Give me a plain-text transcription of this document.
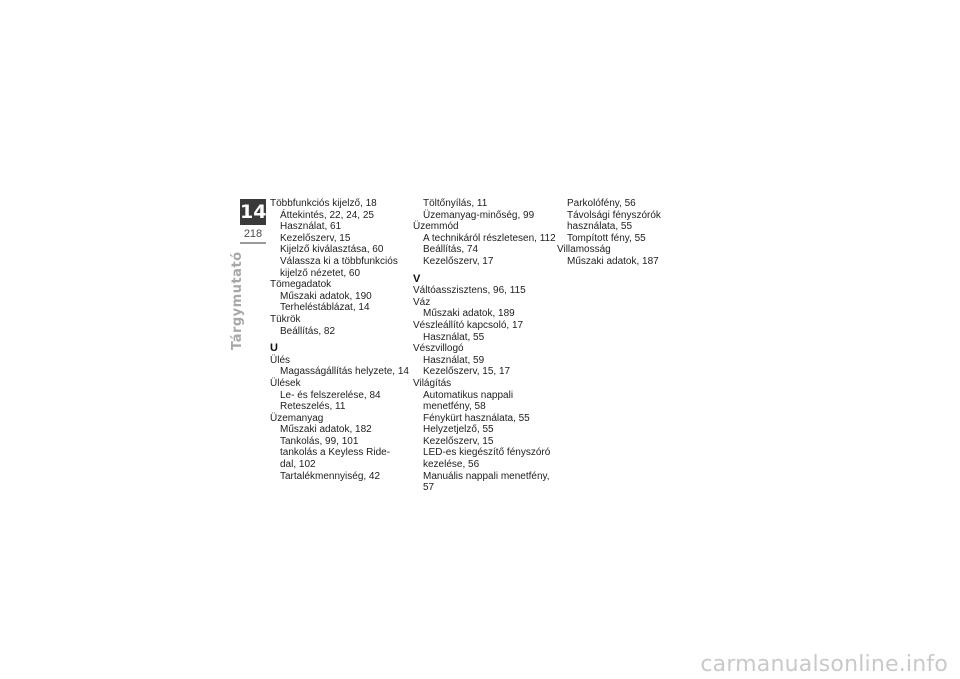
14
218
Tárgymutató
Többfunkciós kijelző, 18
Áttekintés, 22, 24, 25
Használat, 61
Kezelőszerv, 15
Kijelző kiválasztása, 60
Válassza ki a többfunkciós
kijelző nézetet, 60
Tömegadatok
Műszaki adatok, 190
Terheléstáblázat, 14
Tükrök
Beállítás, 82
U
Ülés
Magasságállítás helyzete, 14
Ülések
Le- és felszerelése, 84
Reteszelés, 11
Üzemanyag
Műszaki adatok, 182
Tankolás, 99, 101
tankolás a Keyless Ride-
dal, 102
Tartalékmennyiség, 42
Töltőnyílás, 11
Üzemanyag-minőség, 99
Üzemmód
A technikáról részletesen, 112
Beállítás, 74
Kezelőszerv, 17
V
Váltóasszisztens, 96, 115
Váz
Műszaki adatok, 189
Vészleállító kapcsoló, 17
Használat, 55
Vészvillogó
Használat, 59
Kezelőszerv, 15, 17
Világítás
Automatikus nappali
menetfény, 58
Fénykürt használata, 55
Helyzetjelző, 55
Kezelőszerv, 15
LED-es kiegészítő fényszóró
kezelése, 56
Manuális nappali menetfény, 57
Parkolófény, 56
Távolsági fényszórók
használata, 55
Tompított fény, 55
Villamosság
Műszaki adatok, 187
carmanualsonline.info
